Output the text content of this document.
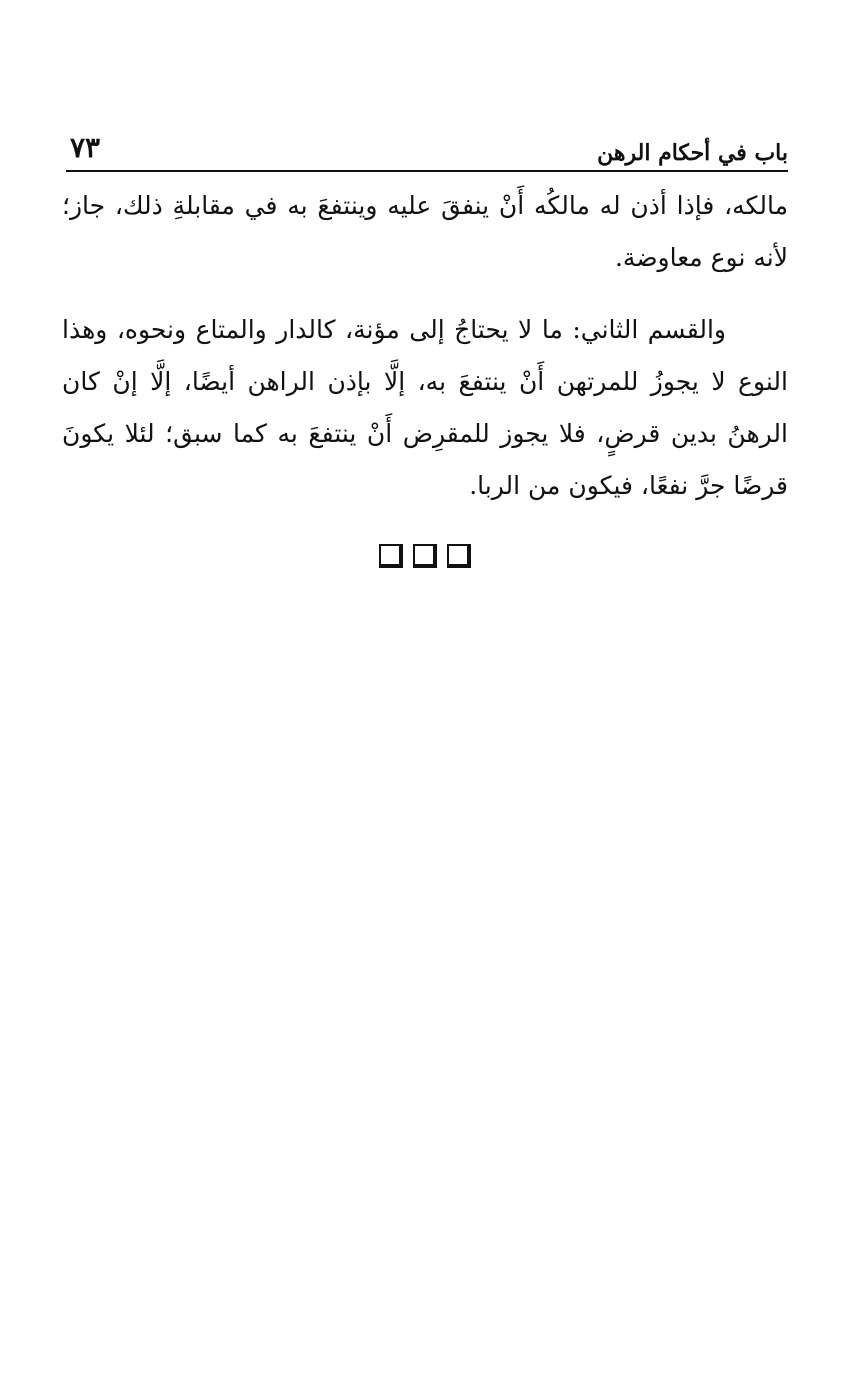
باب في أحكام الرهن
٧٣

مالكه، فإذا أذن له مالكُه أَنْ ينفقَ عليه وينتفعَ به في مقابلةِ ذلك، جاز؛ لأنه نوع معاوضة.

والقسم الثاني: ما لا يحتاجُ إلى مؤنة، كالدار والمتاع ونحوه، وهذا النوع لا يجوزُ للمرتهن أَنْ ينتفعَ به، إلَّا بإذن الراهن أيضًا، إلَّا إنْ كان الرهنُ بدين قرضٍ، فلا يجوز للمقرِض أَنْ ينتفعَ به كما سبق؛ لئلا يكونَ قرضًا جرَّ نفعًا، فيكون من الربا.
